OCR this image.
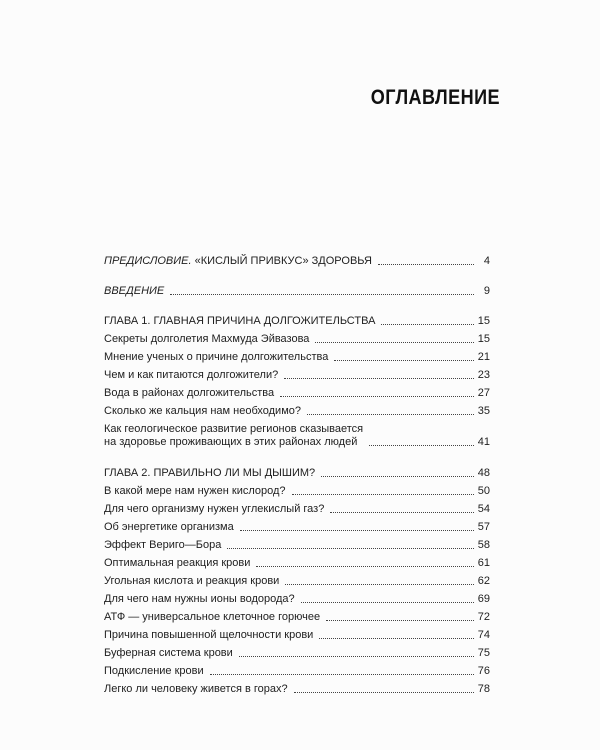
ОГЛАВЛЕНИЕ
ПРЕДИСЛОВИЕ. «КИСЛЫЙ ПРИВКУС» ЗДОРОВЬЯ	4
ВВЕДЕНИЕ	9
ГЛАВА 1. ГЛАВНАЯ ПРИЧИНА ДОЛГОЖИТЕЛЬСТВА	15
Секреты долголетия Махмуда Эйвазова	15
Мнение ученых о причине долгожительства	21
Чем и как питаются долгожители?	23
Вода в районах долгожительства	27
Сколько же кальция нам необходимо?	35
Как геологическое развитие регионов сказывается
на здоровье проживающих в этих районах людей	41
ГЛАВА 2. ПРАВИЛЬНО ЛИ МЫ ДЫШИМ?	48
В какой мере нам нужен кислород?	50
Для чего организму нужен углекислый газ?	54
Об энергетике организма	57
Эффект Вериго—Бора	58
Оптимальная реакция крови	61
Угольная кислота и реакция крови	62
Для чего нам нужны ионы водорода?	69
АТФ — универсальное клеточное горючее	72
Причина повышенной щелочности крови	74
Буферная система крови	75
Подкисление крови	76
Легко ли человеку живется в горах?	78
